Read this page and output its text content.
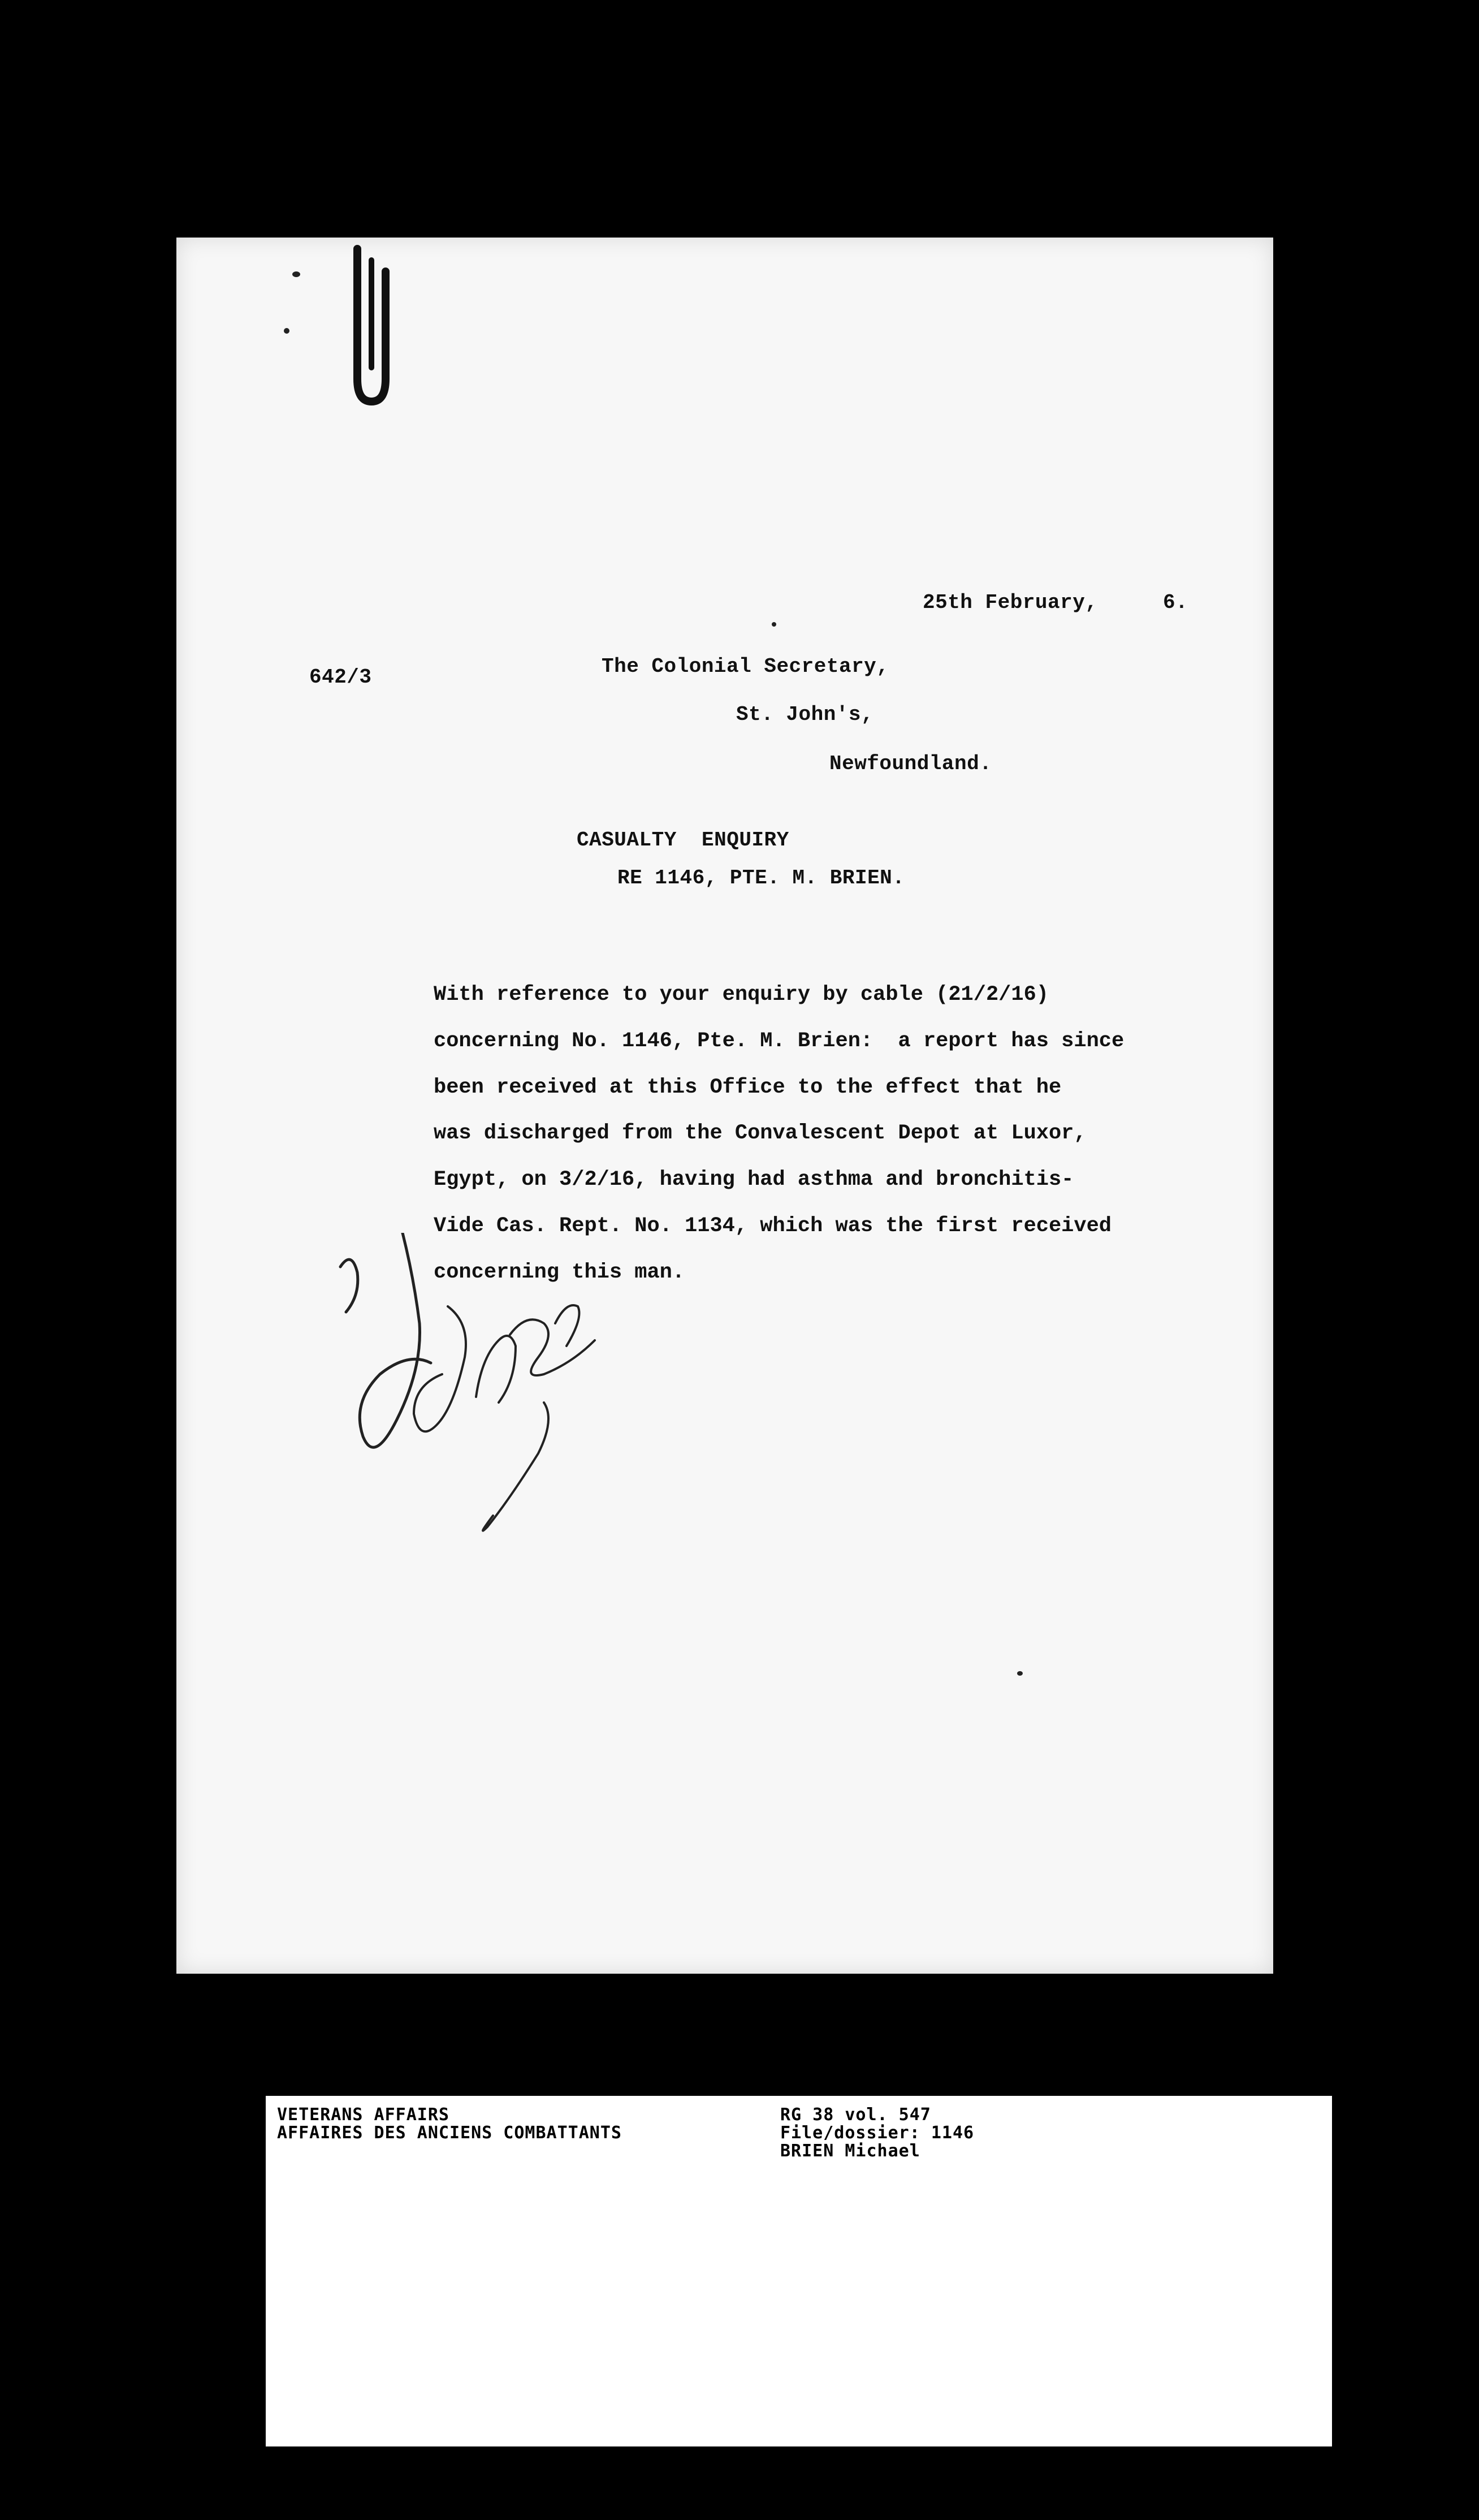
25th February,	6.
642/3	The Colonial Secretary,
St. John's,
Newfoundland.
CASUALTY  ENQUIRY
RE 1146, PTE. M. BRIEN.
With reference to your enquiry by cable (21/2/16)
concerning No. 1146, Pte. M. Brien:  a report has since
been received at this Office to the effect that he
was discharged from the Convalescent Depot at Luxor,
Egypt, on 3/2/16, having had asthma and bronchitis-
Vide Cas. Rept. No. 1134, which was the first received
concerning this man.
VETERANS AFFAIRS
AFFAIRES DES ANCIENS COMBATTANTS
RG 38 vol. 547
File/dossier: 1146
BRIEN Michael
